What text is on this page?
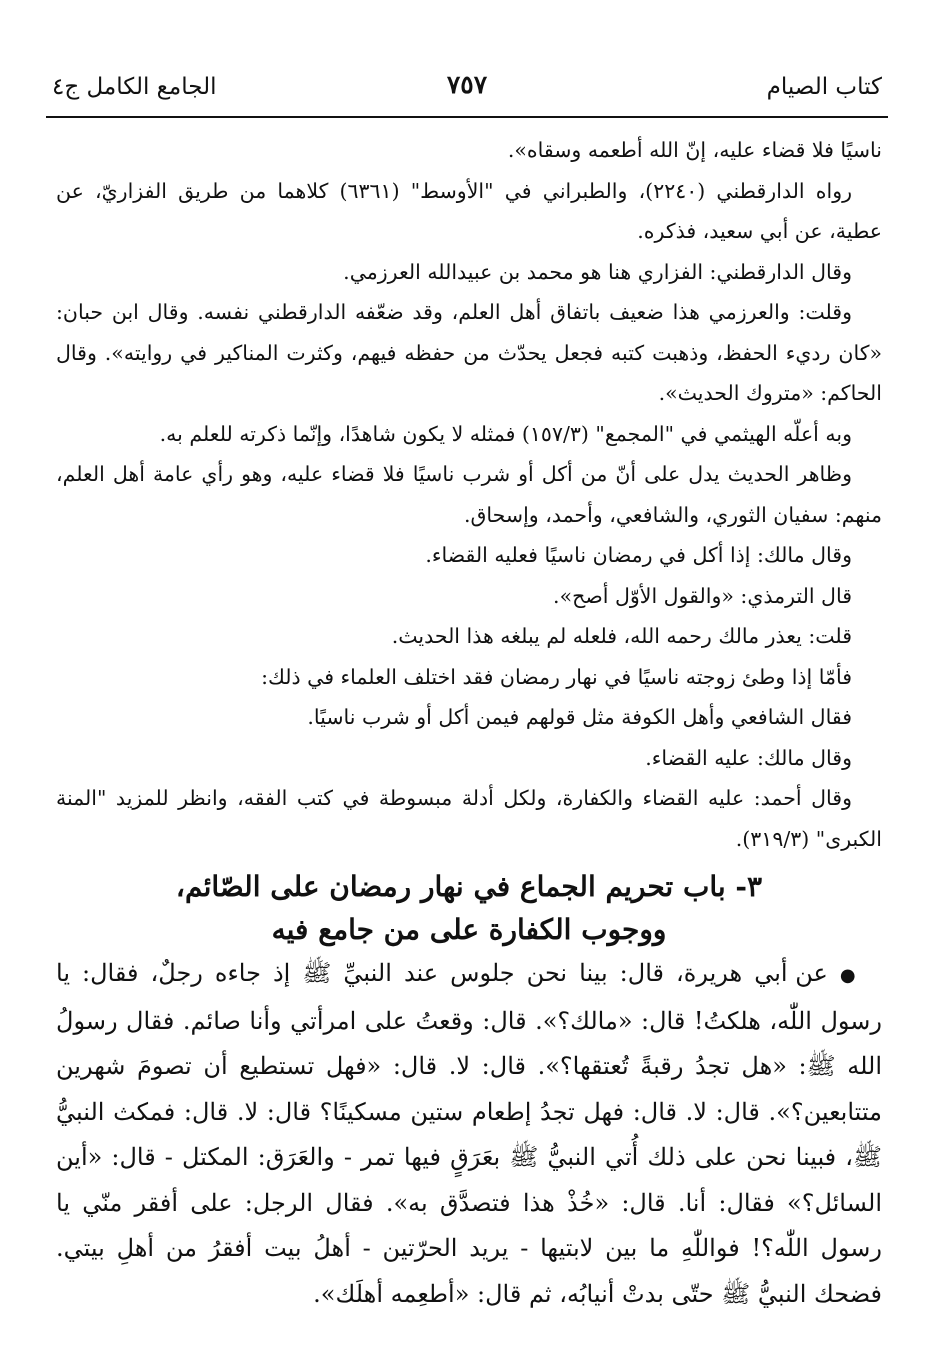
كتاب الصيام
٧٥٧
الجامع الكامل ج٤

ناسيًا فلا قضاء عليه، إنّ الله أطعمه وسقاه».

رواه الدارقطني (٢٢٤٠)، والطبراني في "الأوسط" (٦٣٦١) كلاهما من طريق الفزاريّ، عن عطية، عن أبي سعيد، فذكره.

وقال الدارقطني: الفزاري هنا هو محمد بن عبيدالله العرزمي.

وقلت: والعرزمي هذا ضعيف باتفاق أهل العلم، وقد ضعّفه الدارقطني نفسه. وقال ابن حبان: «كان رديء الحفظ، وذهبت كتبه فجعل يحدّث من حفظه فيهم، وكثرت المناكير في روايته». وقال الحاكم: «متروك الحديث».

وبه أعلّه الهيثمي في "المجمع" (١٥٧/٣) فمثله لا يكون شاهدًا، وإنّما ذكرته للعلم به.

وظاهر الحديث يدل على أنّ من أكل أو شرب ناسيًا فلا قضاء عليه، وهو رأي عامة أهل العلم، منهم: سفيان الثوري، والشافعي، وأحمد، وإسحاق.

وقال مالك: إذا أكل في رمضان ناسيًا فعليه القضاء.

قال الترمذي: «والقول الأوّل أصح».

قلت: يعذر مالك رحمه الله، فلعله لم يبلغه هذا الحديث.

فأمّا إذا وطئ زوجته ناسيًا في نهار رمضان فقد اختلف العلماء في ذلك:

فقال الشافعي وأهل الكوفة مثل قولهم فيمن أكل أو شرب ناسيًا.

وقال مالك: عليه القضاء.

وقال أحمد: عليه القضاء والكفارة، ولكل أدلة مبسوطة في كتب الفقه، وانظر للمزيد "المنة الكبرى" (٣١٩/٣).

٣- باب تحريم الجماع في نهار رمضان على الصّائم،
ووجوب الكفارة على من جامع فيه

● عن أبي هريرة، قال: بينا نحن جلوس عند النبيِّ ﷺ إذ جاءه رجلٌ، فقال: يا رسول اللّٰه، هلكتُ! قال: «مالك؟». قال: وقعتُ على امرأتي وأنا صائم. فقال رسولُ الله ﷺ: «هل تجدُ رقبةً تُعتقها؟». قال: لا. قال: «فهل تستطيع أن تصومَ شهرين متتابعين؟». قال: لا. قال: فهل تجدُ إطعام ستين مسكينًا؟ قال: لا. قال: فمكث النبيُّ ﷺ، فبينا نحن على ذلك أُتي النبيُّ ﷺ بعَرَقٍ فيها تمر - والعَرَق: المكتل - قال: «أين السائل؟» فقال: أنا. قال: «خُذْ هذا فتصدَّق به». فقال الرجل: على أفقر منّي يا رسول اللّٰه؟! فواللّٰهِ ما بين لابتيها - يريد الحرّتين - أهلُ بيت أفقرُ من أهلِ بيتي. فضحك النبيُّ ﷺ حتّى بدتْ أنيابُه، ثم قال: «أطعِمه أهلَك».
